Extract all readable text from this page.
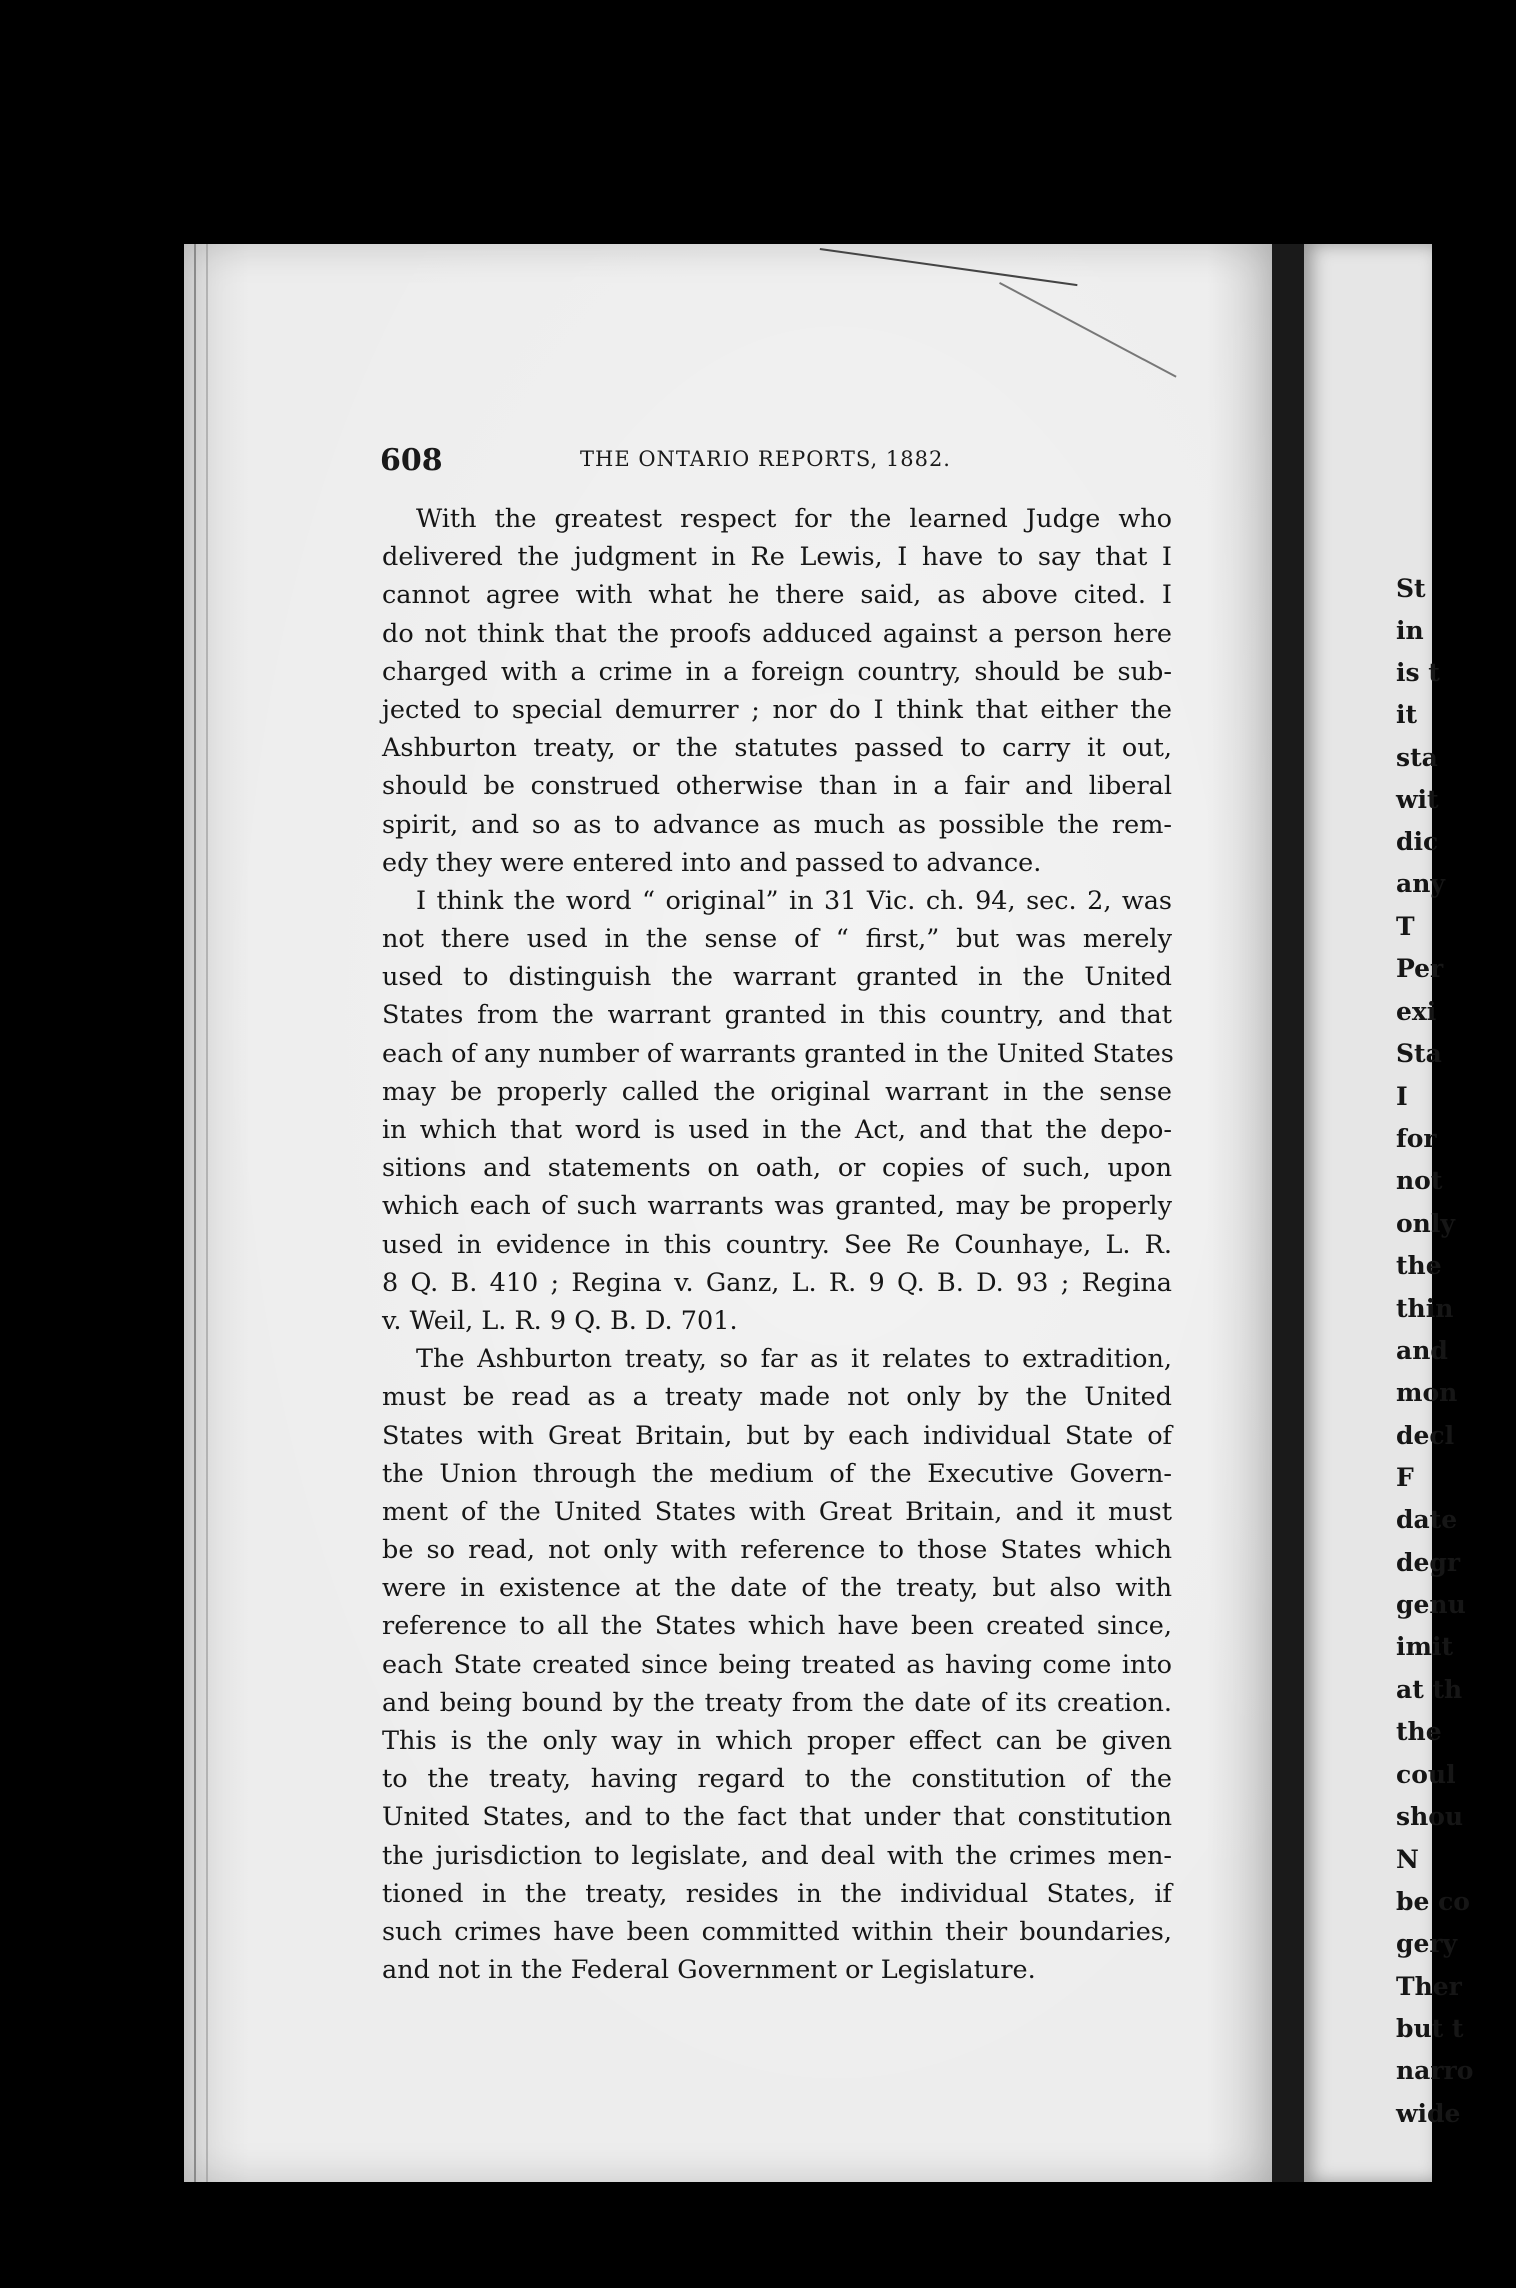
St
in
is t
it
sta
wit
dic
any
T
Per
exi
Sta
I
for
not
only
the
thin
and
mon
decl
F
date
degr
genu
imit
at th
the
coul
shou
N
be co
gery
Ther
but t
narro
wide
608	THE ONTARIO REPORTS, 1882.
With the greatest respect for the learned Judge who
delivered the judgment in Re Lewis, I have to say that I
cannot agree with what he there said, as above cited. I
do not think that the proofs adduced against a person here
charged with a crime in a foreign country, should be sub-
jected to special demurrer ; nor do I think that either the
Ashburton treaty, or the statutes passed to carry it out,
should be construed otherwise than in a fair and liberal
spirit, and so as to advance as much as possible the rem-
edy they were entered into and passed to advance.
I think the word “ original” in 31 Vic. ch. 94, sec. 2, was
not there used in the sense of “ first,” but was merely
used to distinguish the warrant granted in the United
States from the warrant granted in this country, and that
each of any number of warrants granted in the United States
may be properly called the original warrant in the sense
in which that word is used in the Act, and that the depo-
sitions and statements on oath, or copies of such, upon
which each of such warrants was granted, may be properly
used in evidence in this country. See Re Counhaye, L. R.
8 Q. B. 410 ; Regina v. Ganz, L. R. 9 Q. B. D. 93 ; Regina
v. Weil, L. R. 9 Q. B. D. 701.
The Ashburton treaty, so far as it relates to extradition,
must be read as a treaty made not only by the United
States with Great Britain, but by each individual State of
the Union through the medium of the Executive Govern-
ment of the United States with Great Britain, and it must
be so read, not only with reference to those States which
were in existence at the date of the treaty, but also with
reference to all the States which have been created since,
each State created since being treated as having come into
and being bound by the treaty from the date of its creation.
This is the only way in which proper effect can be given
to the treaty, having regard to the constitution of the
United States, and to the fact that under that constitution
the jurisdiction to legislate, and deal with the crimes men-
tioned in the treaty, resides in the individual States, if
such crimes have been committed within their boundaries,
and not in the Federal Government or Legislature.
